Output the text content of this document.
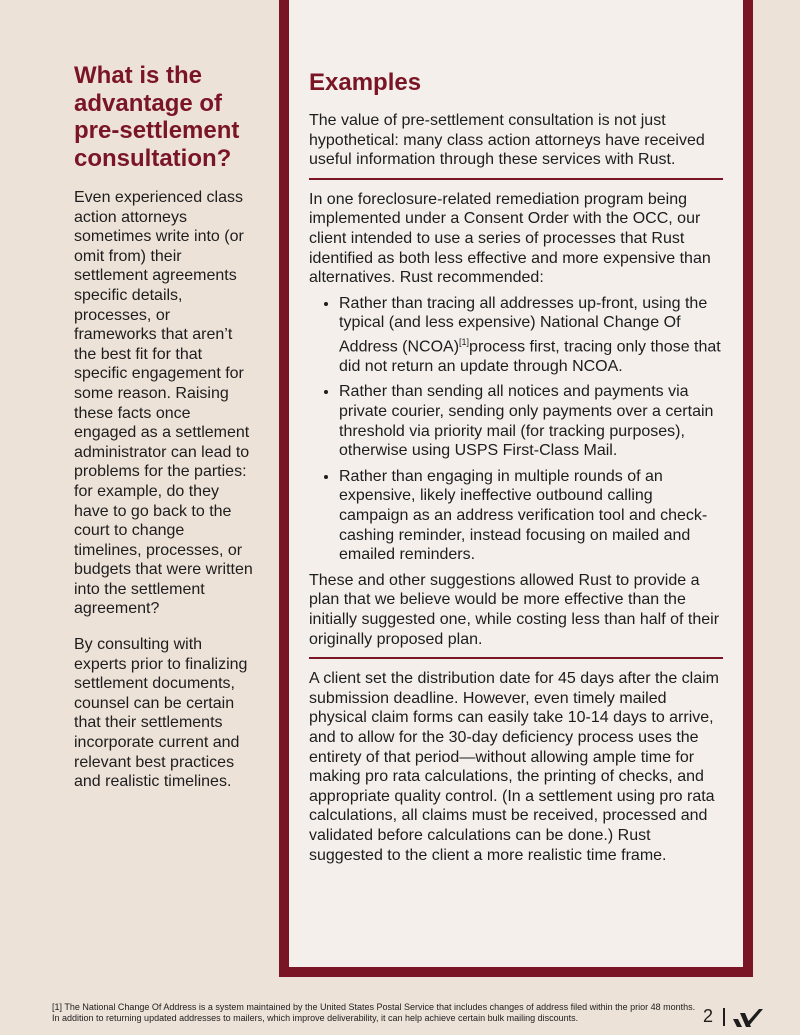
What is the advantage of pre-settlement consultation?

Even experienced class action attorneys sometimes write into (or omit from) their settlement agreements specific details, processes, or frameworks that aren’t the best fit for that specific engagement for some reason. Raising these facts once engaged as a settlement administrator can lead to problems for the parties: for example, do they have to go back to the court to change timelines, processes, or budgets that were written into the settlement agreement?

By consulting with experts prior to finalizing settlement documents, counsel can be certain that their settlements incorporate current and relevant best practices and realistic timelines.

Examples

The value of pre-settlement consultation is not just hypothetical: many class action attorneys have received useful information through these services with Rust.

In one foreclosure-related remediation program being implemented under a Consent Order with the OCC, our client intended to use a series of processes that Rust identified as both less effective and more expensive than alternatives. Rust recommended:

• Rather than tracing all addresses up-front, using the typical (and less expensive) National Change Of Address (NCOA)[1]process first, tracing only those that did not return an update through NCOA.
• Rather than sending all notices and payments via private courier, sending only payments over a certain threshold via priority mail (for tracking purposes), otherwise using USPS First-Class Mail.
• Rather than engaging in multiple rounds of an expensive, likely ineffective outbound calling campaign as an address verification tool and check-cashing reminder, instead focusing on mailed and emailed reminders.

These and other suggestions allowed Rust to provide a plan that we believe would be more effective than the initially suggested one, while costing less than half of their originally proposed plan.

A client set the distribution date for 45 days after the claim submission deadline. However, even timely mailed physical claim forms can easily take 10-14 days to arrive, and to allow for the 30-day deficiency process uses the entirety of that period—without allowing ample time for making pro rata calculations, the printing of checks, and appropriate quality control. (In a settlement using pro rata calculations, all claims must be received, processed and validated before calculations can be done.) Rust suggested to the client a more realistic time frame.

[1] The National Change Of Address is a system maintained by the United States Postal Service that includes changes of address filed within the prior 48 months. In addition to returning updated addresses to mailers, which improve deliverability, it can help achieve certain bulk mailing discounts.	2
